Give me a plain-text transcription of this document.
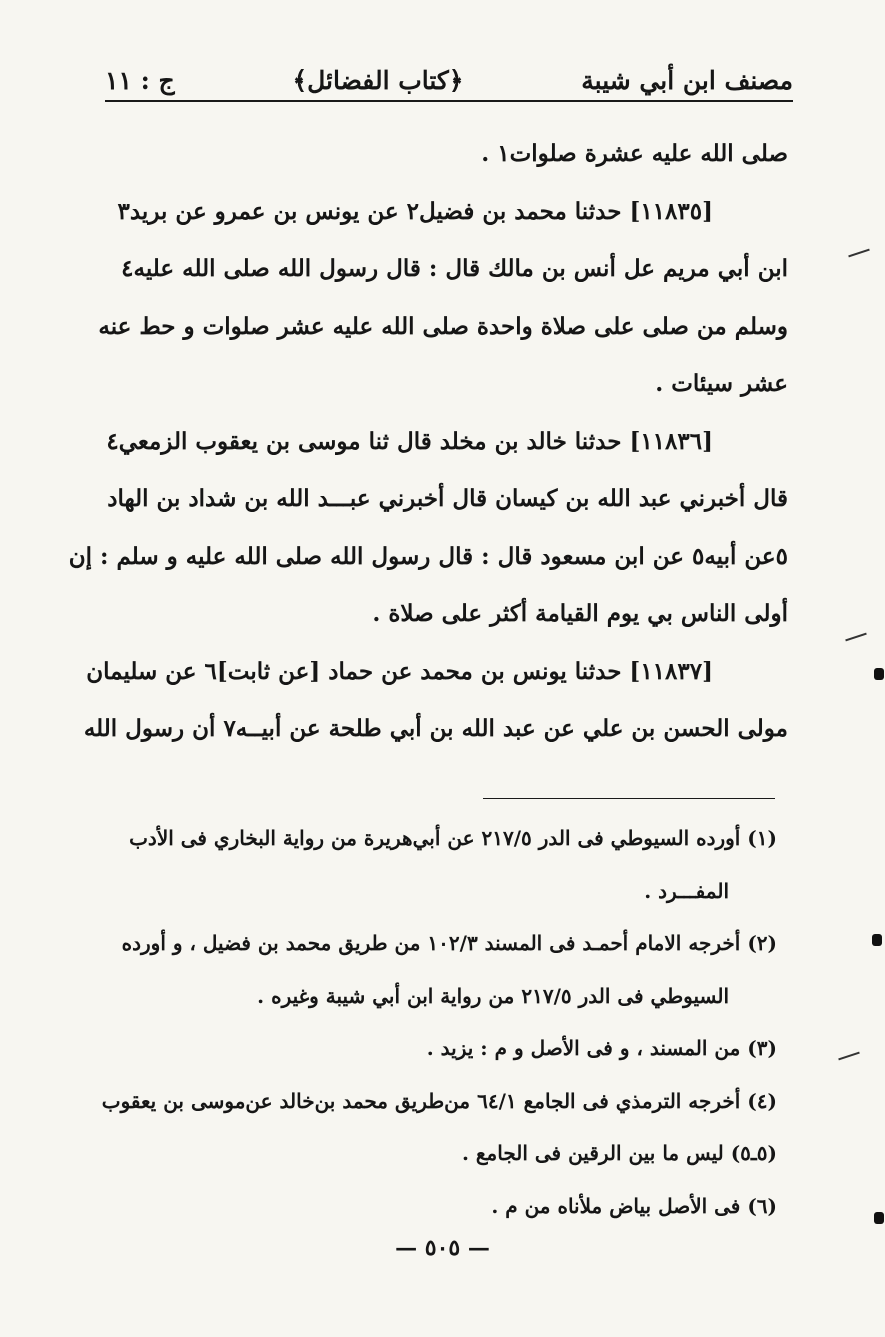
مصنف ابن أبي شيبة
﴿كتاب الفضائل﴾
ج : ١١
صلى الله عليه عشرة صلوات١ .
[١١٨٣٥] حدثنا محمد بن فضيل٢ عن يونس بن عمرو عن بريد٣
ابن أبي مريم عل أنس بن مالك قال : قال رسول الله صلى الله عليه٤
وسلم من صلى على صلاة واحدة صلى الله عليه عشر صلوات و حط عنه
عشر سيئات .
[١١٨٣٦] حدثنا خالد بن مخلد قال ثنا موسى بن يعقوب الزمعي٤
قال أخبرني عبد الله بن كيسان قال أخبرني عبـــد الله بن شداد بن الهاد
٥عن أبيه٥ عن ابن مسعود قال : قال رسول الله صلى الله عليه و سلم : إن
أولى الناس بي يوم القيامة أكثر على صلاة .
[١١٨٣٧] حدثنا يونس بن محمد عن حماد [عن ثابت]٦ عن سليمان
مولى الحسن بن علي عن عبد الله بن أبي طلحة عن أبيــه٧ أن رسول الله
(١) أورده السيوطي فى الدر ٢١٧/٥ عن أبي‌هريرة من رواية البخاري فى الأدب
المفـــرد .
(٢) أخرجه الامام أحمـد فى المسند ١٠٢/٣ من طريق محمد بن فضيل ، و أورده
السيوطي فى الدر ٢١٧/٥ من رواية ابن أبي شيبة وغيره .
(٣) من المسند ، و فى الأصل و م : يزيد .
(٤) أخرجه الترمذي فى الجامع ٦٤/١ من‌طريق محمد بن‌خالد عن‌موسى بن يعقوب
(٥ـ٥) ليس ما بين الرقين فى الجامع .
(٦) فى الأصل بياض ملأناه من م .
— ٥٠٥ —
